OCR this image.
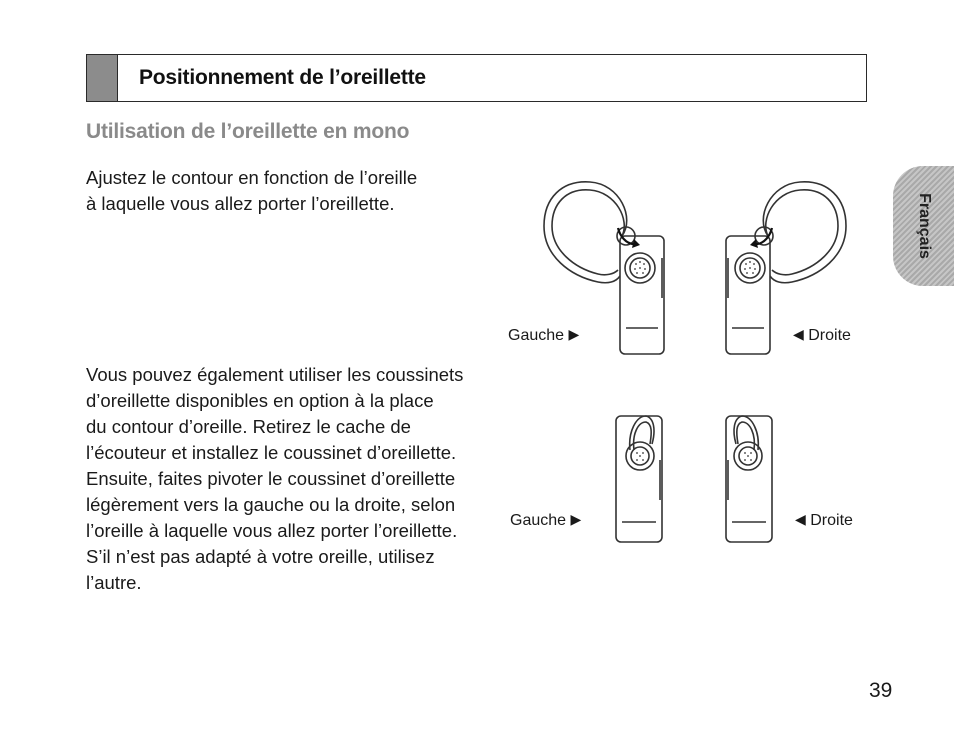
Positionnement de l’oreillette
Utilisation de l’oreillette en mono
Ajustez le contour en fonction de l’oreille
à laquelle vous allez porter l’oreillette.
Vous pouvez également utiliser les coussinets
d’oreillette disponibles en option à la place
du contour d’oreille. Retirez le cache de
l’écouteur et installez le coussinet d’oreillette.
Ensuite, faites pivoter le coussinet d’oreillette
légèrement vers la gauche ou la droite, selon
l’oreille à laquelle vous allez porter l’oreillette.
S’il n’est pas adapté à votre oreille, utilisez
l’autre.
Français
Gauche ▶	◀ Droite
Gauche ▶	◀ Droite
39
